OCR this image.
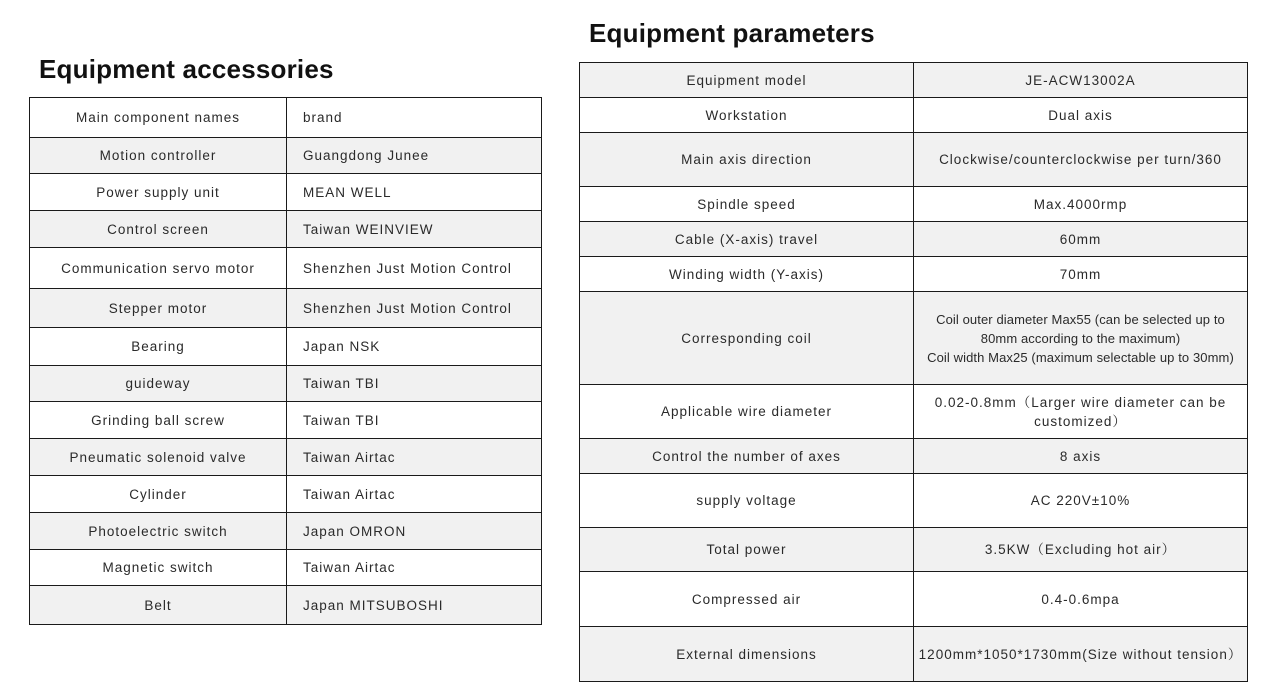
Equipment accessories
Main component names	brand
Motion controller	Guangdong Junee
Power supply unit	MEAN WELL
Control screen	Taiwan WEINVIEW
Communication servo motor	Shenzhen Just Motion Control
Stepper motor	Shenzhen Just Motion Control
Bearing	Japan NSK
guideway	Taiwan TBI
Grinding ball screw	Taiwan TBI
Pneumatic solenoid valve	Taiwan Airtac
Cylinder	Taiwan Airtac
Photoelectric switch	Japan OMRON
Magnetic switch	Taiwan Airtac
Belt	Japan MITSUBOSHI
Equipment parameters
Equipment model	JE-ACW13002A
Workstation	Dual axis
Main axis direction	Clockwise/counterclockwise per turn/360
Spindle speed	Max.4000rmp
Cable (X-axis) travel	60mm
Winding width (Y-axis)	70mm
Corresponding coil	Coil outer diameter Max55 (can be selected up to 80mm according to the maximum)
Coil width Max25 (maximum selectable up to 30mm)

Applicable wire diameter	0.02-0.8mm（Larger wire diameter can be customized）
Control the number of axes	8 axis
supply voltage	AC 220V±10%
Total power	3.5KW（Excluding hot air）
Compressed air	0.4-0.6mpa
External dimensions	1200mm*1050*1730mm(Size without tension）
